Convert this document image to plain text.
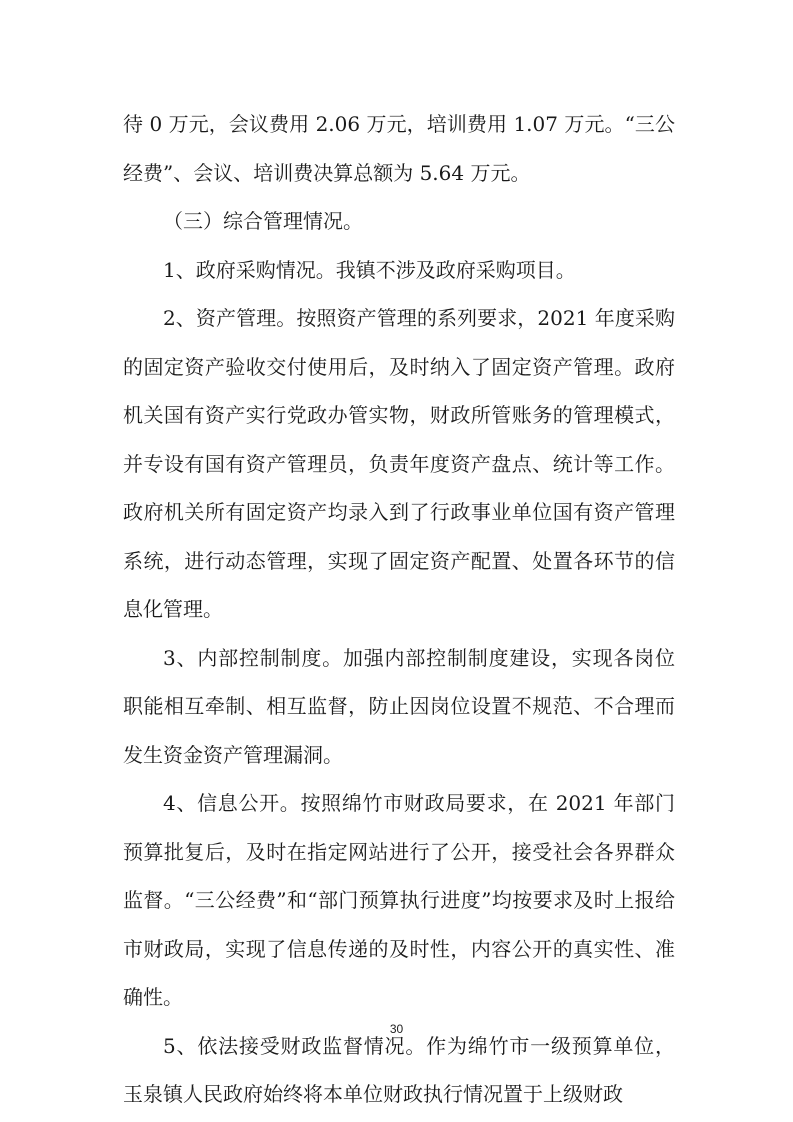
待 0 万元，会议费用 2.06 万元，培训费用 1.07 万元。“三公经费”、会议、培训费决算总额为 5.64 万元。

（三）综合管理情况。

1、政府采购情况。我镇不涉及政府采购项目。

2、资产管理。按照资产管理的系列要求，2021 年度采购的固定资产验收交付使用后，及时纳入了固定资产管理。政府机关国有资产实行党政办管实物，财政所管账务的管理模式，并专设有国有资产管理员，负责年度资产盘点、统计等工作。政府机关所有固定资产均录入到了行政事业单位国有资产管理系统，进行动态管理，实现了固定资产配置、处置各环节的信息化管理。

3、内部控制制度。加强内部控制制度建设，实现各岗位职能相互牵制、相互监督，防止因岗位设置不规范、不合理而发生资金资产管理漏洞。

4、信息公开。按照绵竹市财政局要求，在 2021 年部门预算批复后，及时在指定网站进行了公开，接受社会各界群众监督。“三公经费”和“部门预算执行进度”均按要求及时上报给市财政局，实现了信息传递的及时性，内容公开的真实性、准确性。

5、依法接受财政监督情况。作为绵竹市一级预算单位，玉泉镇人民政府始终将本单位财政执行情况置于上级财政

30
